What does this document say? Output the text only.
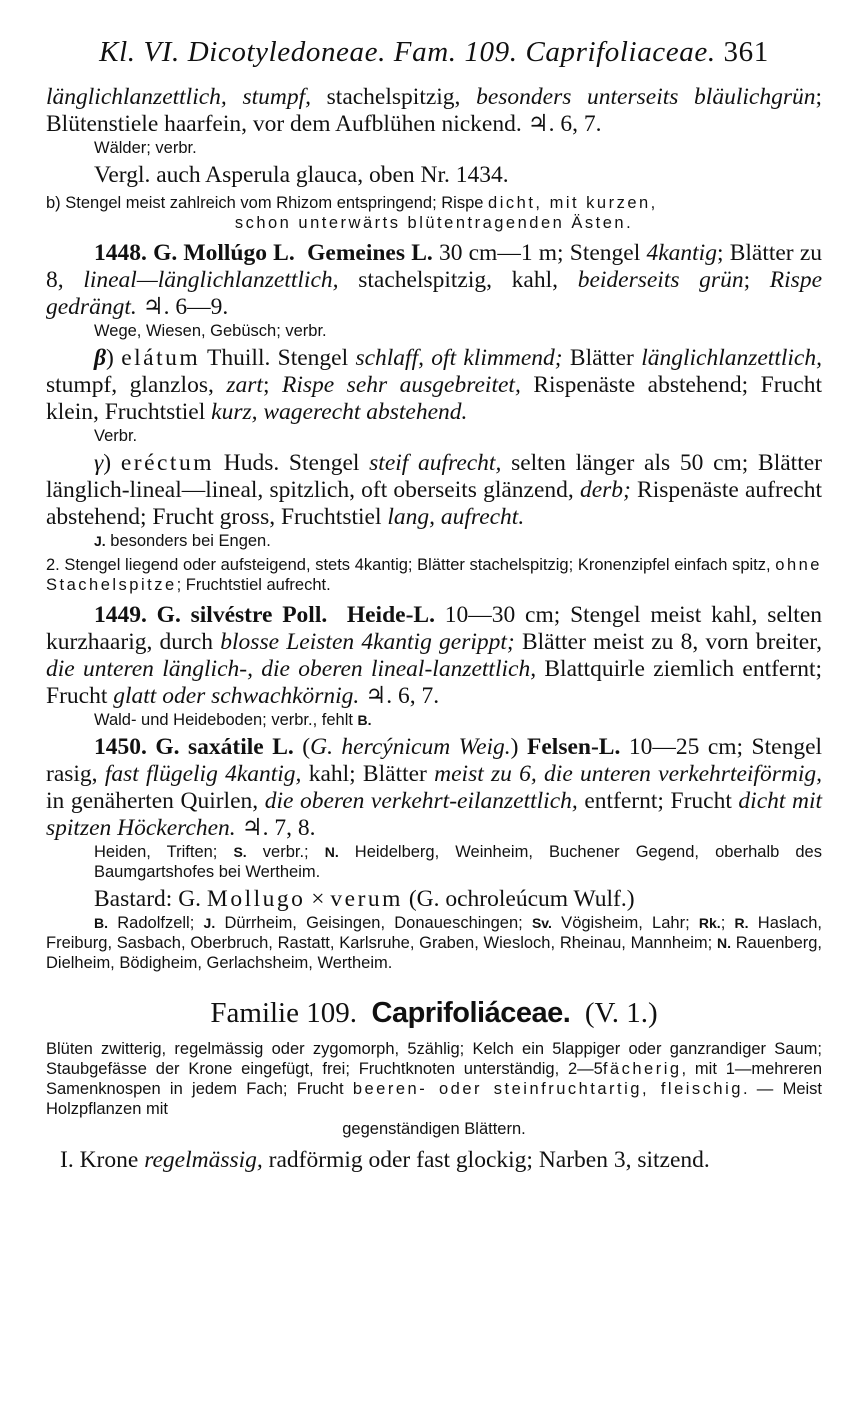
Kl. VI. Dicotyledoneae. Fam. 109. Caprifoliaceae. 361
länglichlanzettlich, stumpf, stachelspitzig, besonders unterseits bläulichgrün; Blütenstiele haarfein, vor dem Aufblühen nickend. ♃. 6, 7.
Wälder; verbr.
Vergl. auch Asperula glauca, oben Nr. 1434.
b) Stengel meist zahlreich vom Rhizom entspringend; Rispe dicht, mit kurzen,
schon unterwärts blütentragenden Ästen.
1448. G. Mollúgo L. Gemeines L. 30 cm—1 m; Stengel 4kantig; Blätter zu 8, lineal—länglichlanzettlich, stachelspitzig, kahl, beiderseits grün; Rispe gedrängt. ♃. 6—9.
Wege, Wiesen, Gebüsch; verbr.
β) elátum Thuill. Stengel schlaff, oft klimmend; Blätter länglichlanzettlich, stumpf, glanzlos, zart; Rispe sehr ausgebreitet, Rispenäste abstehend; Frucht klein, Fruchtstiel kurz, wagerecht abstehend.
Verbr.
γ) eréctum Huds. Stengel steif aufrecht, selten länger als 50 cm; Blätter länglich-lineal—lineal, spitzlich, oft oberseits glänzend, derb; Rispenäste aufrecht abstehend; Frucht gross, Fruchtstiel lang, aufrecht.
J. besonders bei Engen.
2. Stengel liegend oder aufsteigend, stets 4kantig; Blätter stachelspitzig; Kronenzipfel einfach spitz, ohne Stachelspitze; Fruchtstiel aufrecht.
1449. G. silvéstre Poll. Heide-L. 10—30 cm; Stengel meist kahl, selten kurzhaarig, durch blosse Leisten 4kantig gerippt; Blätter meist zu 8, vorn breiter, die unteren länglich-, die oberen lineal-lanzettlich, Blattquirle ziemlich entfernt; Frucht glatt oder schwachkörnig. ♃. 6, 7.
Wald- und Heideboden; verbr., fehlt B.
1450. G. saxátile L. (G. hercýnicum Weig.) Felsen-L. 10—25 cm; Stengel rasig, fast flügelig 4kantig, kahl; Blätter meist zu 6, die unteren verkehrteiförmig, in genäherten Quirlen, die oberen verkehrt-eilanzettlich, entfernt; Frucht dicht mit spitzen Höckerchen. ♃. 7, 8.
Heiden, Triften; S. verbr.; N. Heidelberg, Weinheim, Buchener Gegend, oberhalb des Baumgartshofes bei Wertheim.
Bastard: G. Mollugo × verum (G. ochroleúcum Wulf.)
B. Radolfzell; J. Dürrheim, Geisingen, Donaueschingen; Sv. Vögisheim, Lahr; Rk.; R. Haslach, Freiburg, Sasbach, Oberbruch, Rastatt, Karlsruhe, Graben, Wiesloch, Rheinau, Mannheim; N. Rauenberg, Dielheim, Bödigheim, Gerlachsheim, Wertheim.
Familie 109. Caprifoliáceae. (V. 1.)
Blüten zwitterig, regelmässig oder zygomorph, 5zählig; Kelch ein 5lappiger oder ganzrandiger Saum; Staubgefässe der Krone eingefügt, frei; Fruchtknoten unterständig, 2—5fächerig, mit 1—mehreren Samenknospen in jedem Fach; Frucht beeren- oder steinfruchtartig, fleischig. — Meist Holzpflanzen mit
gegenständigen Blättern.
I. Krone regelmässig, radförmig oder fast glockig; Narben 3, sitzend.
